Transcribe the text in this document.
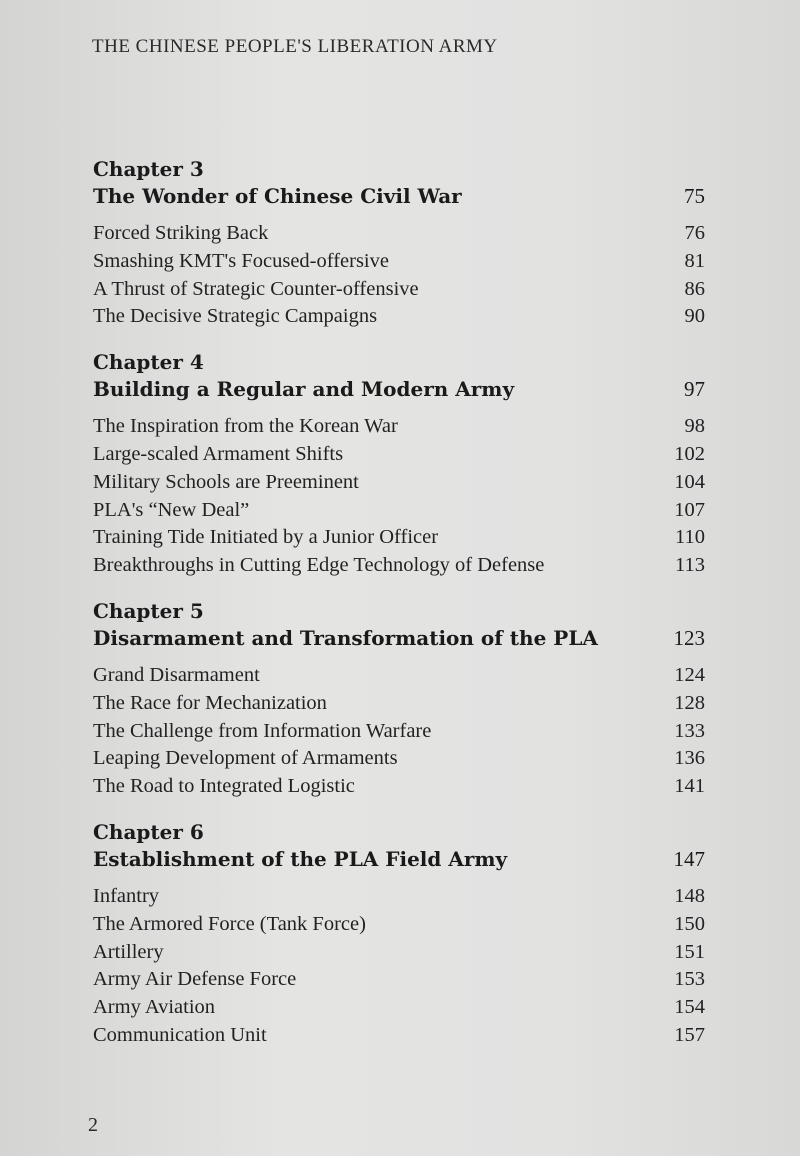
THE CHINESE PEOPLE'S LIBERATION ARMY
Chapter 3
The Wonder of Chinese Civil War	75
Forced Striking Back	76
Smashing KMT's Focused-offersive	81
A Thrust of Strategic Counter-offensive	86
The Decisive Strategic Campaigns	90
Chapter 4
Building a Regular and Modern Army	97
The Inspiration from the Korean War	98
Large-scaled Armament Shifts	102
Military Schools are Preeminent	104
PLA's “New Deal”	107
Training Tide Initiated by a Junior Officer	110
Breakthroughs in Cutting Edge Technology of Defense	113
Chapter 5
Disarmament and Transformation of the PLA	123
Grand Disarmament	124
The Race for Mechanization	128
The Challenge from Information Warfare	133
Leaping Development of Armaments	136
The Road to Integrated Logistic	141
Chapter 6
Establishment of the PLA Field Army	147
Infantry	148
The Armored Force (Tank Force)	150
Artillery	151
Army Air Defense Force	153
Army Aviation	154
Communication Unit	157
2
